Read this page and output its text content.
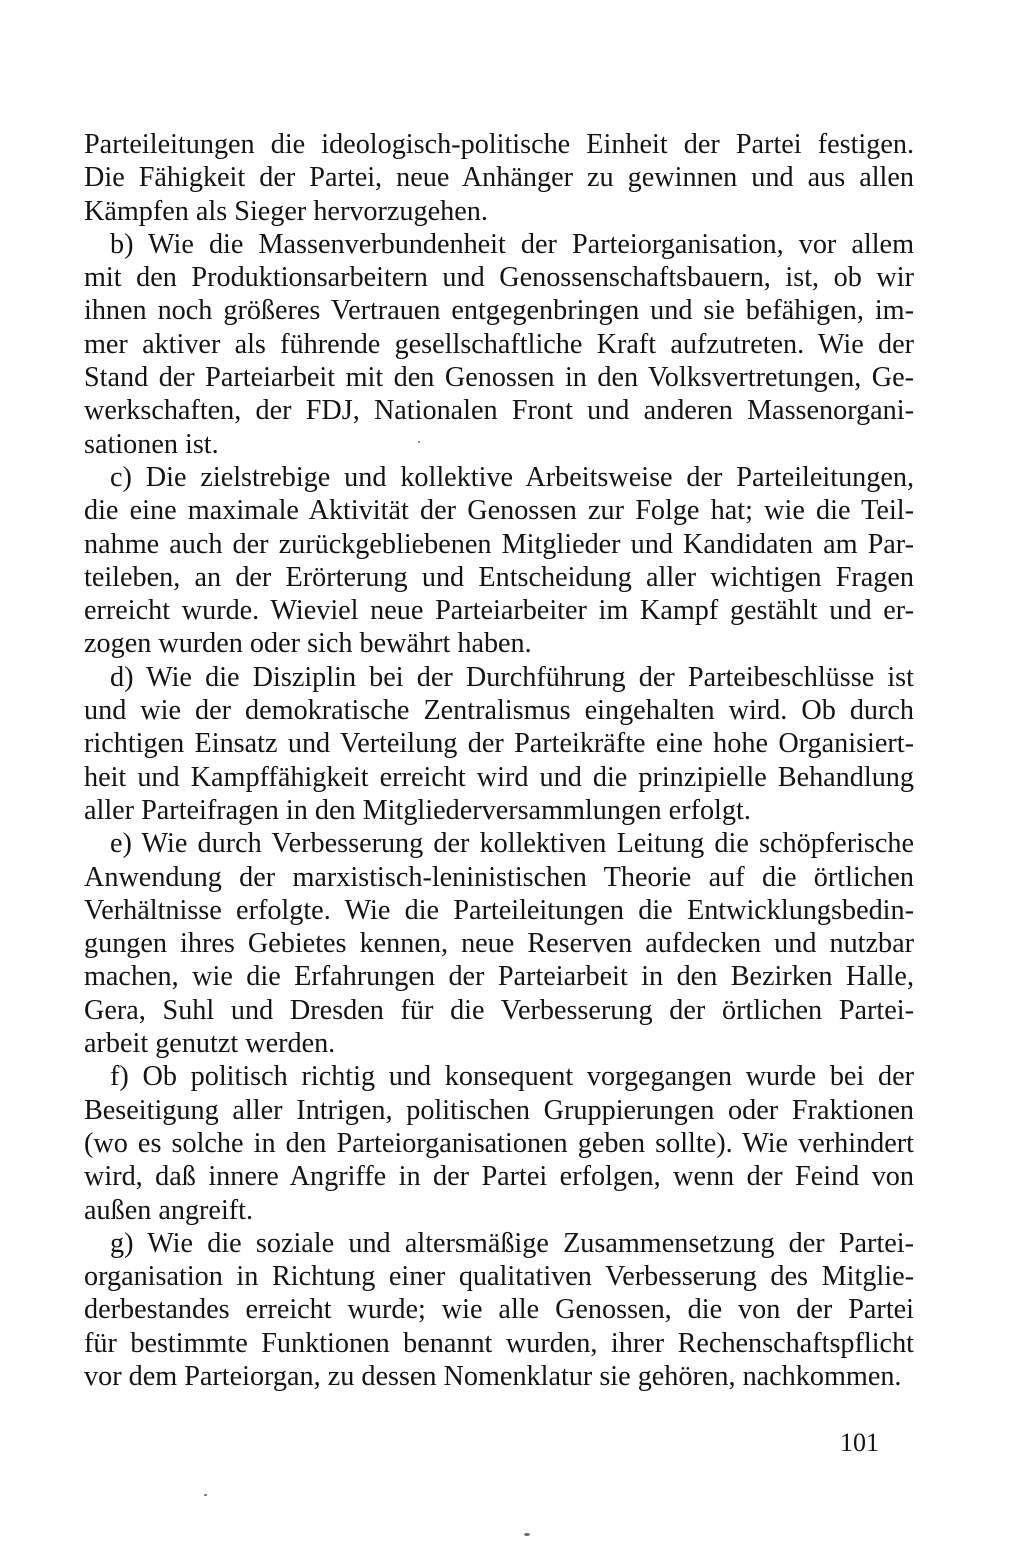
Parteileitungen die ideologisch-politische Einheit der Partei festigen.
Die Fähigkeit der Partei, neue Anhänger zu gewinnen und aus allen
Kämpfen als Sieger hervorzugehen.
b) Wie die Massenverbundenheit der Parteiorganisation, vor allem
mit den Produktionsarbeitern und Genossenschaftsbauern, ist, ob wir
ihnen noch größeres Vertrauen entgegenbringen und sie befähigen, im-
mer aktiver als führende gesellschaftliche Kraft aufzutreten. Wie der
Stand der Parteiarbeit mit den Genossen in den Volksvertretungen, Ge-
werkschaften, der FDJ, Nationalen Front und anderen Massenorgani-
sationen ist.
c) Die zielstrebige und kollektive Arbeitsweise der Parteileitungen,
die eine maximale Aktivität der Genossen zur Folge hat; wie die Teil-
nahme auch der zurückgebliebenen Mitglieder und Kandidaten am Par-
teileben, an der Erörterung und Entscheidung aller wichtigen Fragen
erreicht wurde. Wieviel neue Parteiarbeiter im Kampf gestählt und er-
zogen wurden oder sich bewährt haben.
d) Wie die Disziplin bei der Durchführung der Parteibeschlüsse ist
und wie der demokratische Zentralismus eingehalten wird. Ob durch
richtigen Einsatz und Verteilung der Parteikräfte eine hohe Organisiert-
heit und Kampffähigkeit erreicht wird und die prinzipielle Behandlung
aller Parteifragen in den Mitgliederversammlungen erfolgt.
e) Wie durch Verbesserung der kollektiven Leitung die schöpferische
Anwendung der marxistisch-leninistischen Theorie auf die örtlichen
Verhältnisse erfolgte. Wie die Parteileitungen die Entwicklungsbedin-
gungen ihres Gebietes kennen, neue Reserven aufdecken und nutzbar
machen, wie die Erfahrungen der Parteiarbeit in den Bezirken Halle,
Gera, Suhl und Dresden für die Verbesserung der örtlichen Partei-
arbeit genutzt werden.
f) Ob politisch richtig und konsequent vorgegangen wurde bei der
Beseitigung aller Intrigen, politischen Gruppierungen oder Fraktionen
(wo es solche in den Parteiorganisationen geben sollte). Wie verhindert
wird, daß innere Angriffe in der Partei erfolgen, wenn der Feind von
außen angreift.
g) Wie die soziale und altersmäßige Zusammensetzung der Partei-
organisation in Richtung einer qualitativen Verbesserung des Mitglie-
derbestandes erreicht wurde; wie alle Genossen, die von der Partei
für bestimmte Funktionen benannt wurden, ihrer Rechenschaftspflicht
vor dem Parteiorgan, zu dessen Nomenklatur sie gehören, nachkommen.
101
